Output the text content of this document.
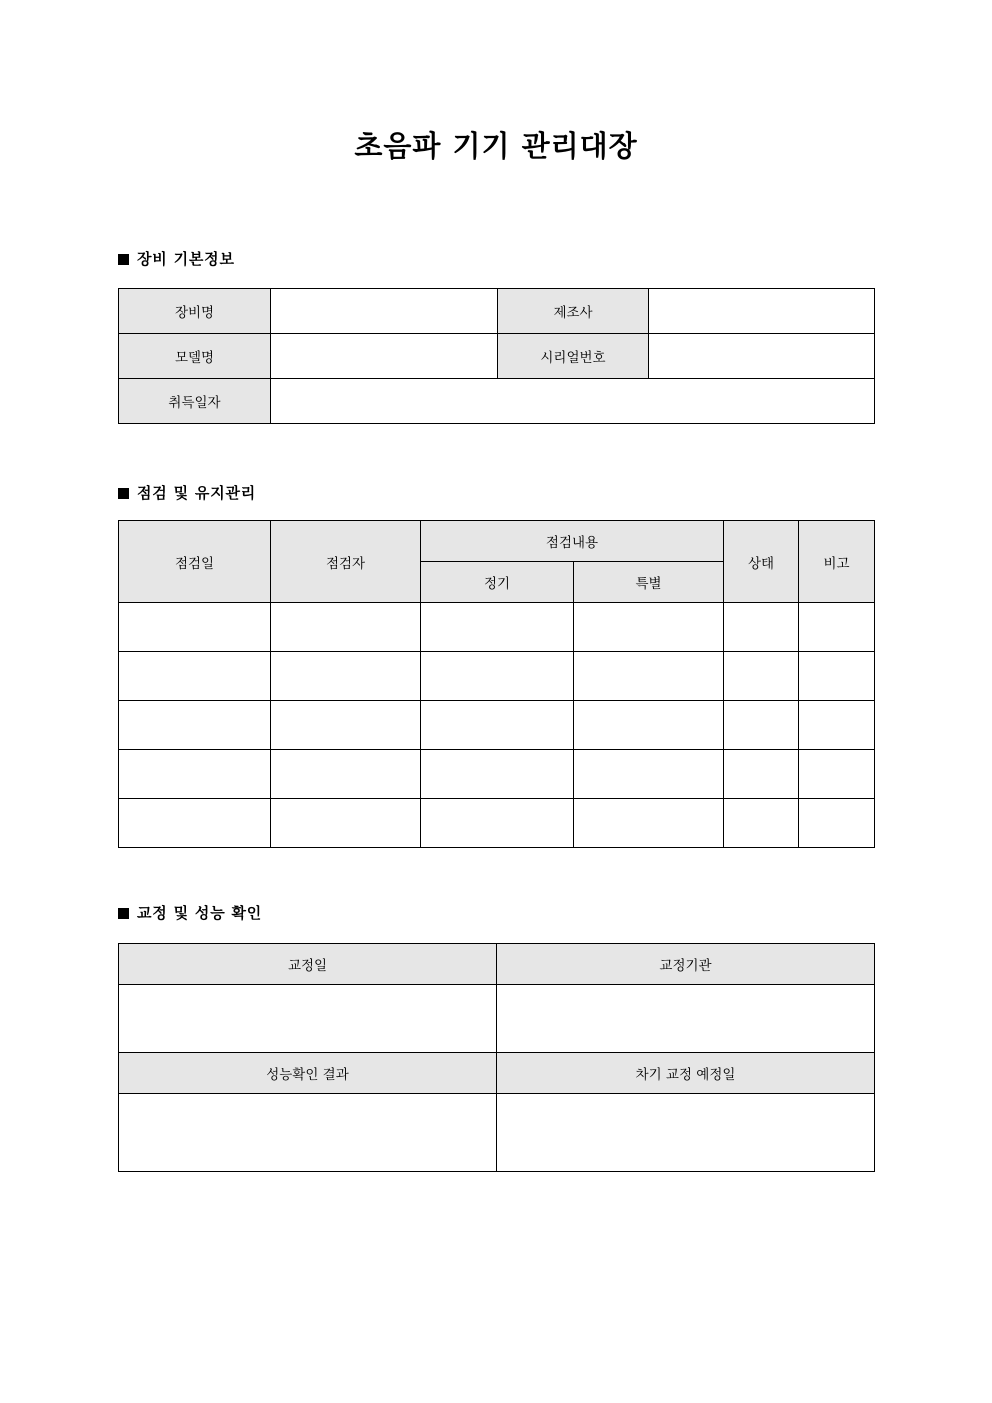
초음파 기기 관리대장
장비 기본정보
장비명		제조사	
모델명		시리얼번호	
취득일자			
점검 및 유지관리
점검일	점검자	점검내용		상태	비고
		정기	특별		

교정 및 성능 확인
교정일	교정기관

성능확인 결과	차기 교정 예정일
